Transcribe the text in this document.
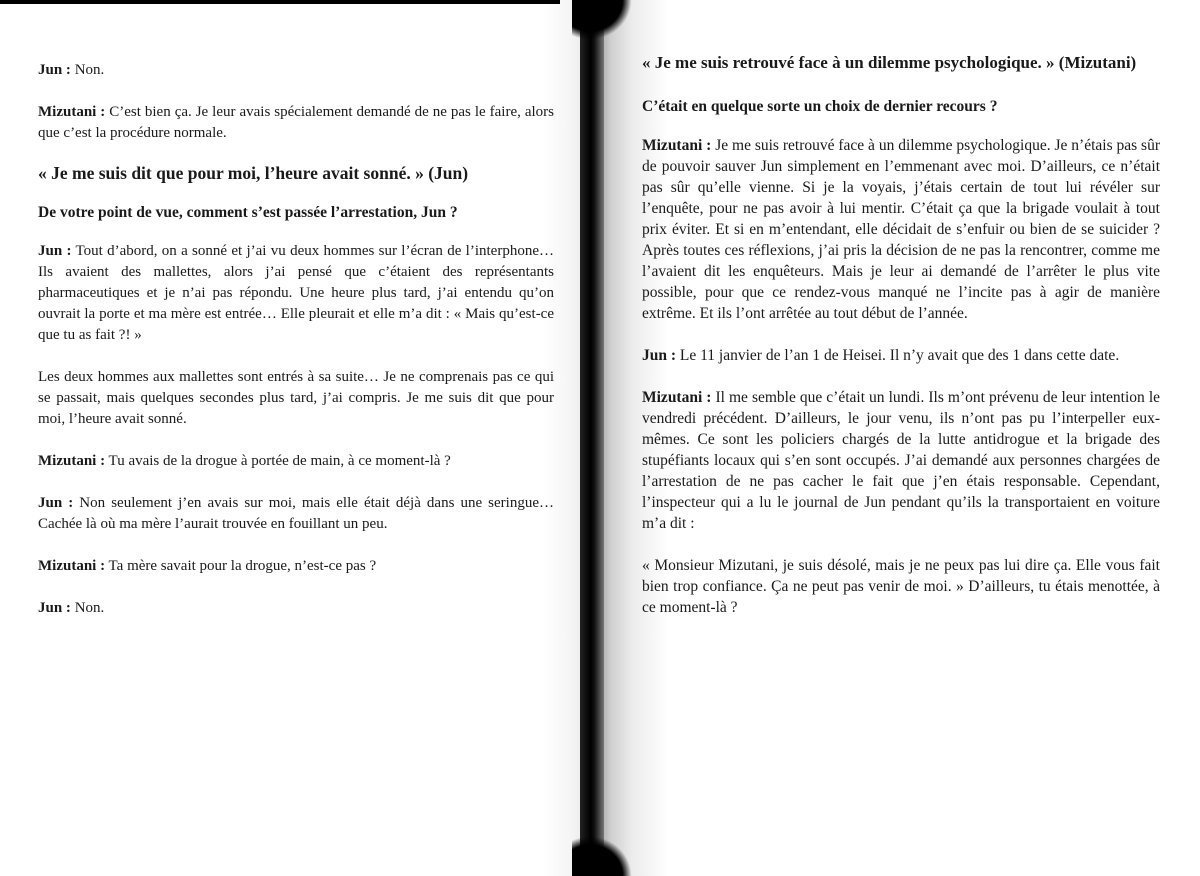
Jun : Non.

Mizutani : C’est bien ça. Je leur avais spécialement demandé de ne pas le faire, alors que c’est la procédure normale.

« Je me suis dit que pour moi, l’heure avait sonné. » (Jun)
De votre point de vue, comment s’est passée l’arrestation, Jun ?

Jun : Tout d’abord, on a sonné et j’ai vu deux hommes sur l’écran de l’interphone… Ils avaient des mallettes, alors j’ai pensé que c’étaient des représentants pharmaceutiques et je n’ai pas répondu. Une heure plus tard, j’ai entendu qu’on ouvrait la porte et ma mère est entrée… Elle pleurait et elle m’a dit : « Mais qu’est-ce que tu as fait ?! »

Les deux hommes aux mallettes sont entrés à sa suite… Je ne comprenais pas ce qui se passait, mais quelques secondes plus tard, j’ai compris. Je me suis dit que pour moi, l’heure avait sonné.

Mizutani : Tu avais de la drogue à portée de main, à ce moment-là ?

Jun : Non seulement j’en avais sur moi, mais elle était déjà dans une seringue… Cachée là où ma mère l’aurait trouvée en fouillant un peu.

Mizutani : Ta mère savait pour la drogue, n’est-ce pas ?

Jun : Non.

« Je me suis retrouvé face à un dilemme psychologique. » (Mizutani)
C’était en quelque sorte un choix de dernier recours ?

Mizutani : Je me suis retrouvé face à un dilemme psychologique. Je n’étais pas sûr de pouvoir sauver Jun simplement en l’emmenant avec moi. D’ailleurs, ce n’était pas sûr qu’elle vienne. Si je la voyais, j’étais certain de tout lui révéler sur l’enquête, pour ne pas avoir à lui mentir. C’était ça que la brigade voulait à tout prix éviter. Et si en m’entendant, elle décidait de s’enfuir ou bien de se suicider ? Après toutes ces réflexions, j’ai pris la décision de ne pas la rencontrer, comme me l’avaient dit les enquêteurs. Mais je leur ai demandé de l’arrêter le plus vite possible, pour que ce rendez-vous manqué ne l’incite pas à agir de manière extrême. Et ils l’ont arrêtée au tout début de l’année.

Jun : Le 11 janvier de l’an 1 de Heisei. Il n’y avait que des 1 dans cette date.

Mizutani : Il me semble que c’était un lundi. Ils m’ont prévenu de leur intention le vendredi précédent. D’ailleurs, le jour venu, ils n’ont pas pu l’interpeller eux-mêmes. Ce sont les policiers chargés de la lutte antidrogue et la brigade des stupéfiants locaux qui s’en sont occupés. J’ai demandé aux personnes chargées de l’arrestation de ne pas cacher le fait que j’en étais responsable. Cependant, l’inspecteur qui a lu le journal de Jun pendant qu’ils la transportaient en voiture m’a dit :

« Monsieur Mizutani, je suis désolé, mais je ne peux pas lui dire ça. Elle vous fait bien trop confiance. Ça ne peut pas venir de moi. » D’ailleurs, tu étais menottée, à ce moment-là ?
